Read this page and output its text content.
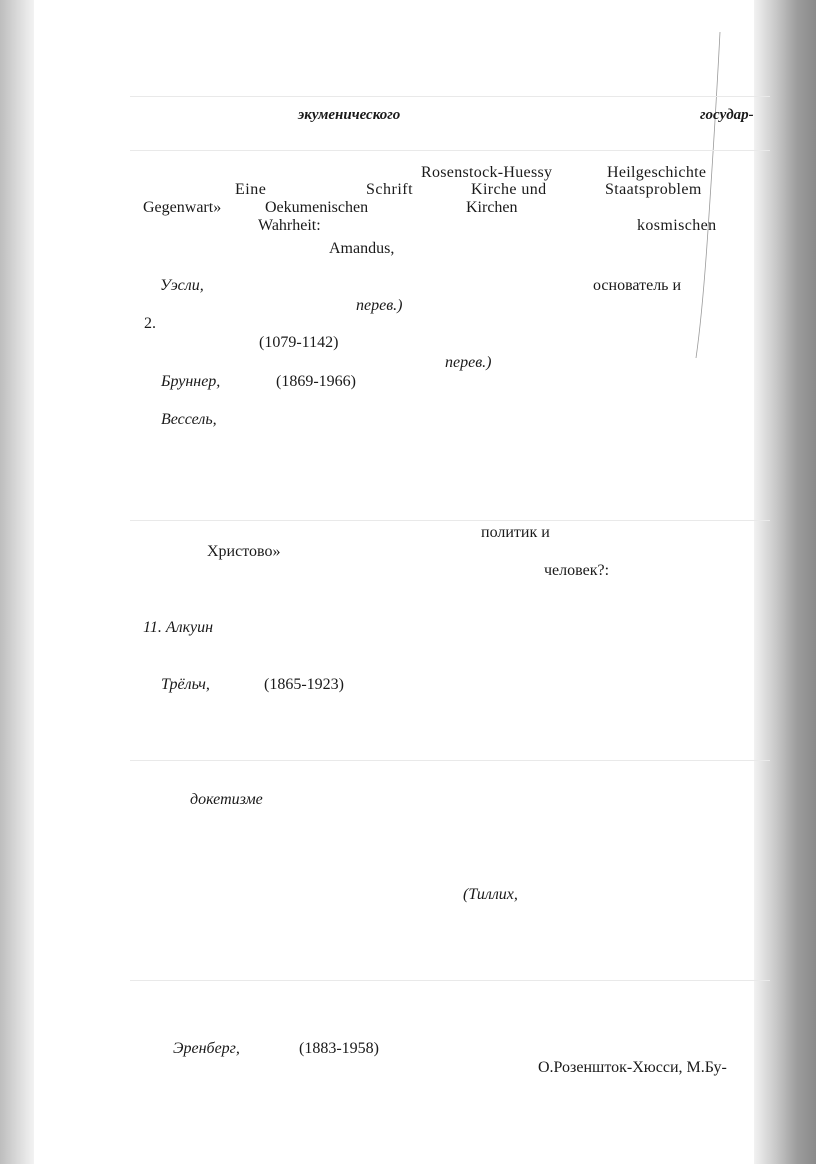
экуменического	государ-
Rosenstock-Huessy	Heilgeschichte
Eine	Schrift	Kirche und	Staatsproblem
Gegenwart»	Oekumenischen	Kirchen
Wahrheit:	kosmischen
Amandus,
Уэсли,	основатель и
перев.)
2.
(1079-1142)
перев.)
Бруннер,	(1869-1966)
Вессель,
политик и
Христово»
человек?:
11. Алкуин
Трёльч,	(1865-1923)
докетизме
(Тиллих,
Эренберг,	(1883-1958)
О.Розеншток-Хюсси, М.Бу-
